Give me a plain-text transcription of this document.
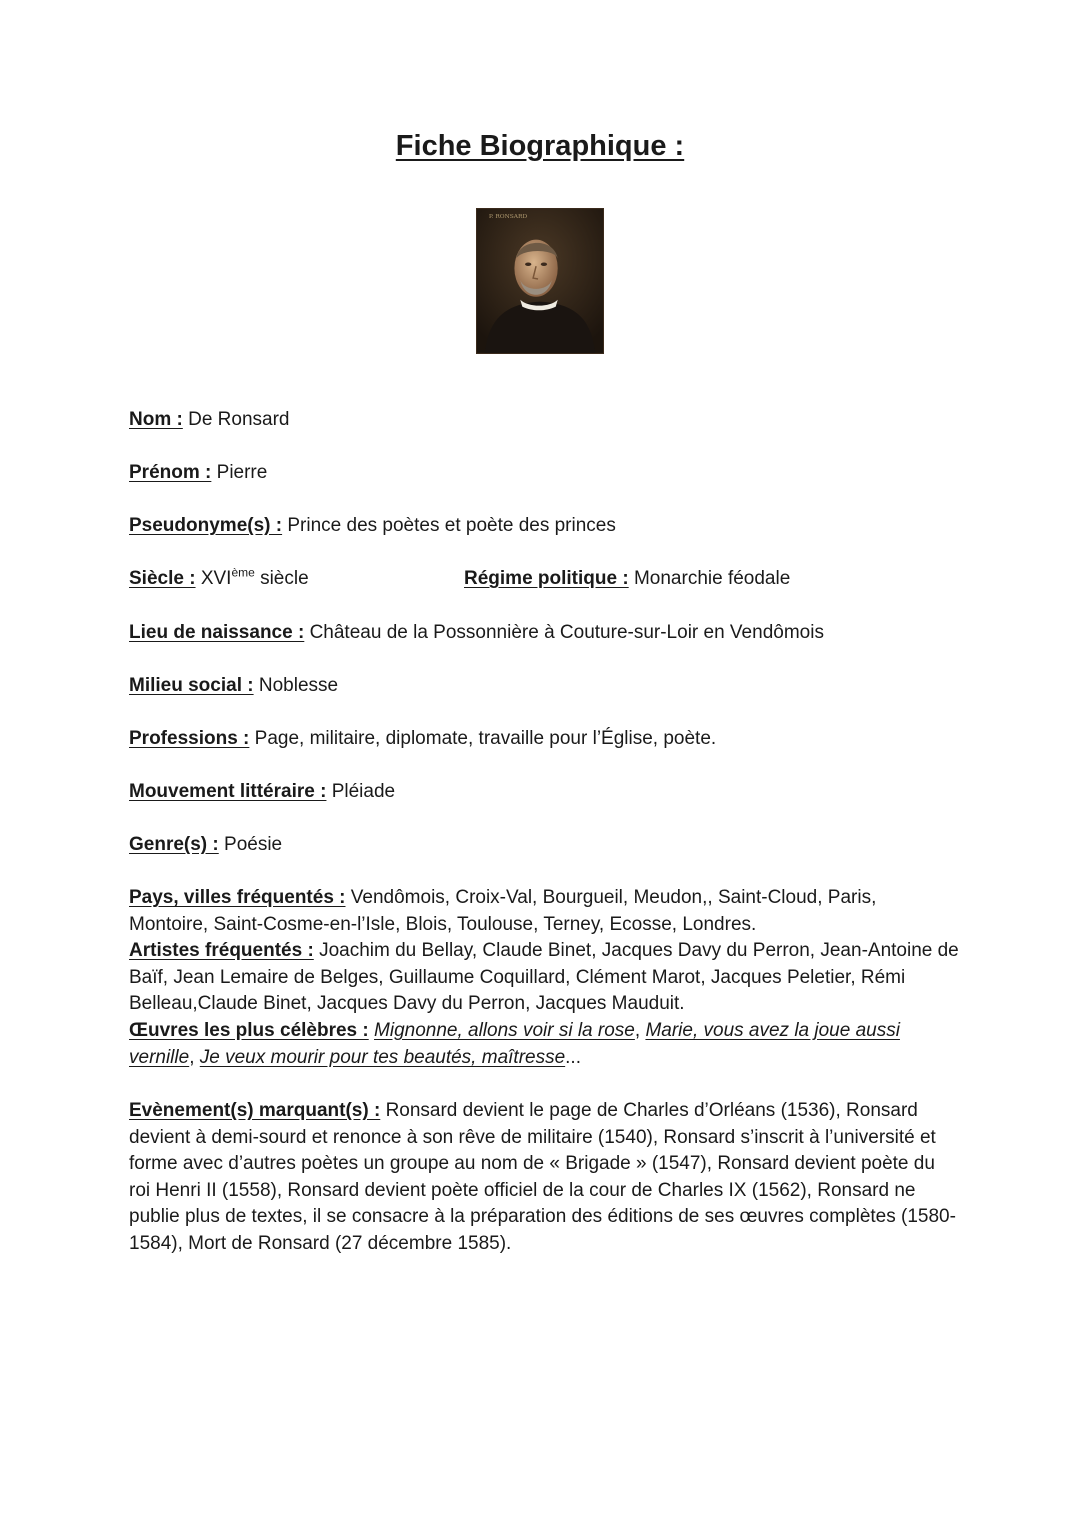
Fiche Biographique :
P. RONSARD
Nom : De Ronsard
Prénom : Pierre
Pseudonyme(s) : Prince des poètes et poète des princes
Siècle : XVIème siècle	Régime politique : Monarchie féodale
Lieu de naissance : Château de la Possonnière à Couture-sur-Loir en Vendômois
Milieu social : Noblesse
Professions : Page, militaire, diplomate, travaille pour l’Église, poète.
Mouvement littéraire : Pléiade
Genre(s) : Poésie
Pays, villes fréquentés : Vendômois, Croix-Val, Bourgueil, Meudon,, Saint-Cloud, Paris, Montoire, Saint-Cosme-en-l’Isle, Blois, Toulouse, Terney, Ecosse, Londres.
Artistes fréquentés : Joachim du Bellay, Claude Binet, Jacques Davy du Perron, Jean-Antoine de Baïf, Jean Lemaire de Belges, Guillaume Coquillard, Clément Marot, Jacques Peletier, Rémi Belleau,Claude Binet, Jacques Davy du Perron, Jacques Mauduit.
Œuvres les plus célèbres : Mignonne, allons voir si la rose, Marie, vous avez la joue aussi vernille, Je veux mourir pour tes beautés, maîtresse...
Evènement(s) marquant(s) : Ronsard devient le page de Charles d’Orléans (1536), Ronsard devient à demi-sourd et renonce à son rêve de militaire (1540), Ronsard s’inscrit à l’université et forme avec d’autres poètes un groupe au nom de « Brigade » (1547), Ronsard devient poète du roi Henri II (1558), Ronsard devient poète officiel de la cour de Charles IX (1562), Ronsard ne publie plus de textes, il se consacre à la préparation des éditions de ses œuvres complètes (1580-1584), Mort de Ronsard (27 décembre 1585).
